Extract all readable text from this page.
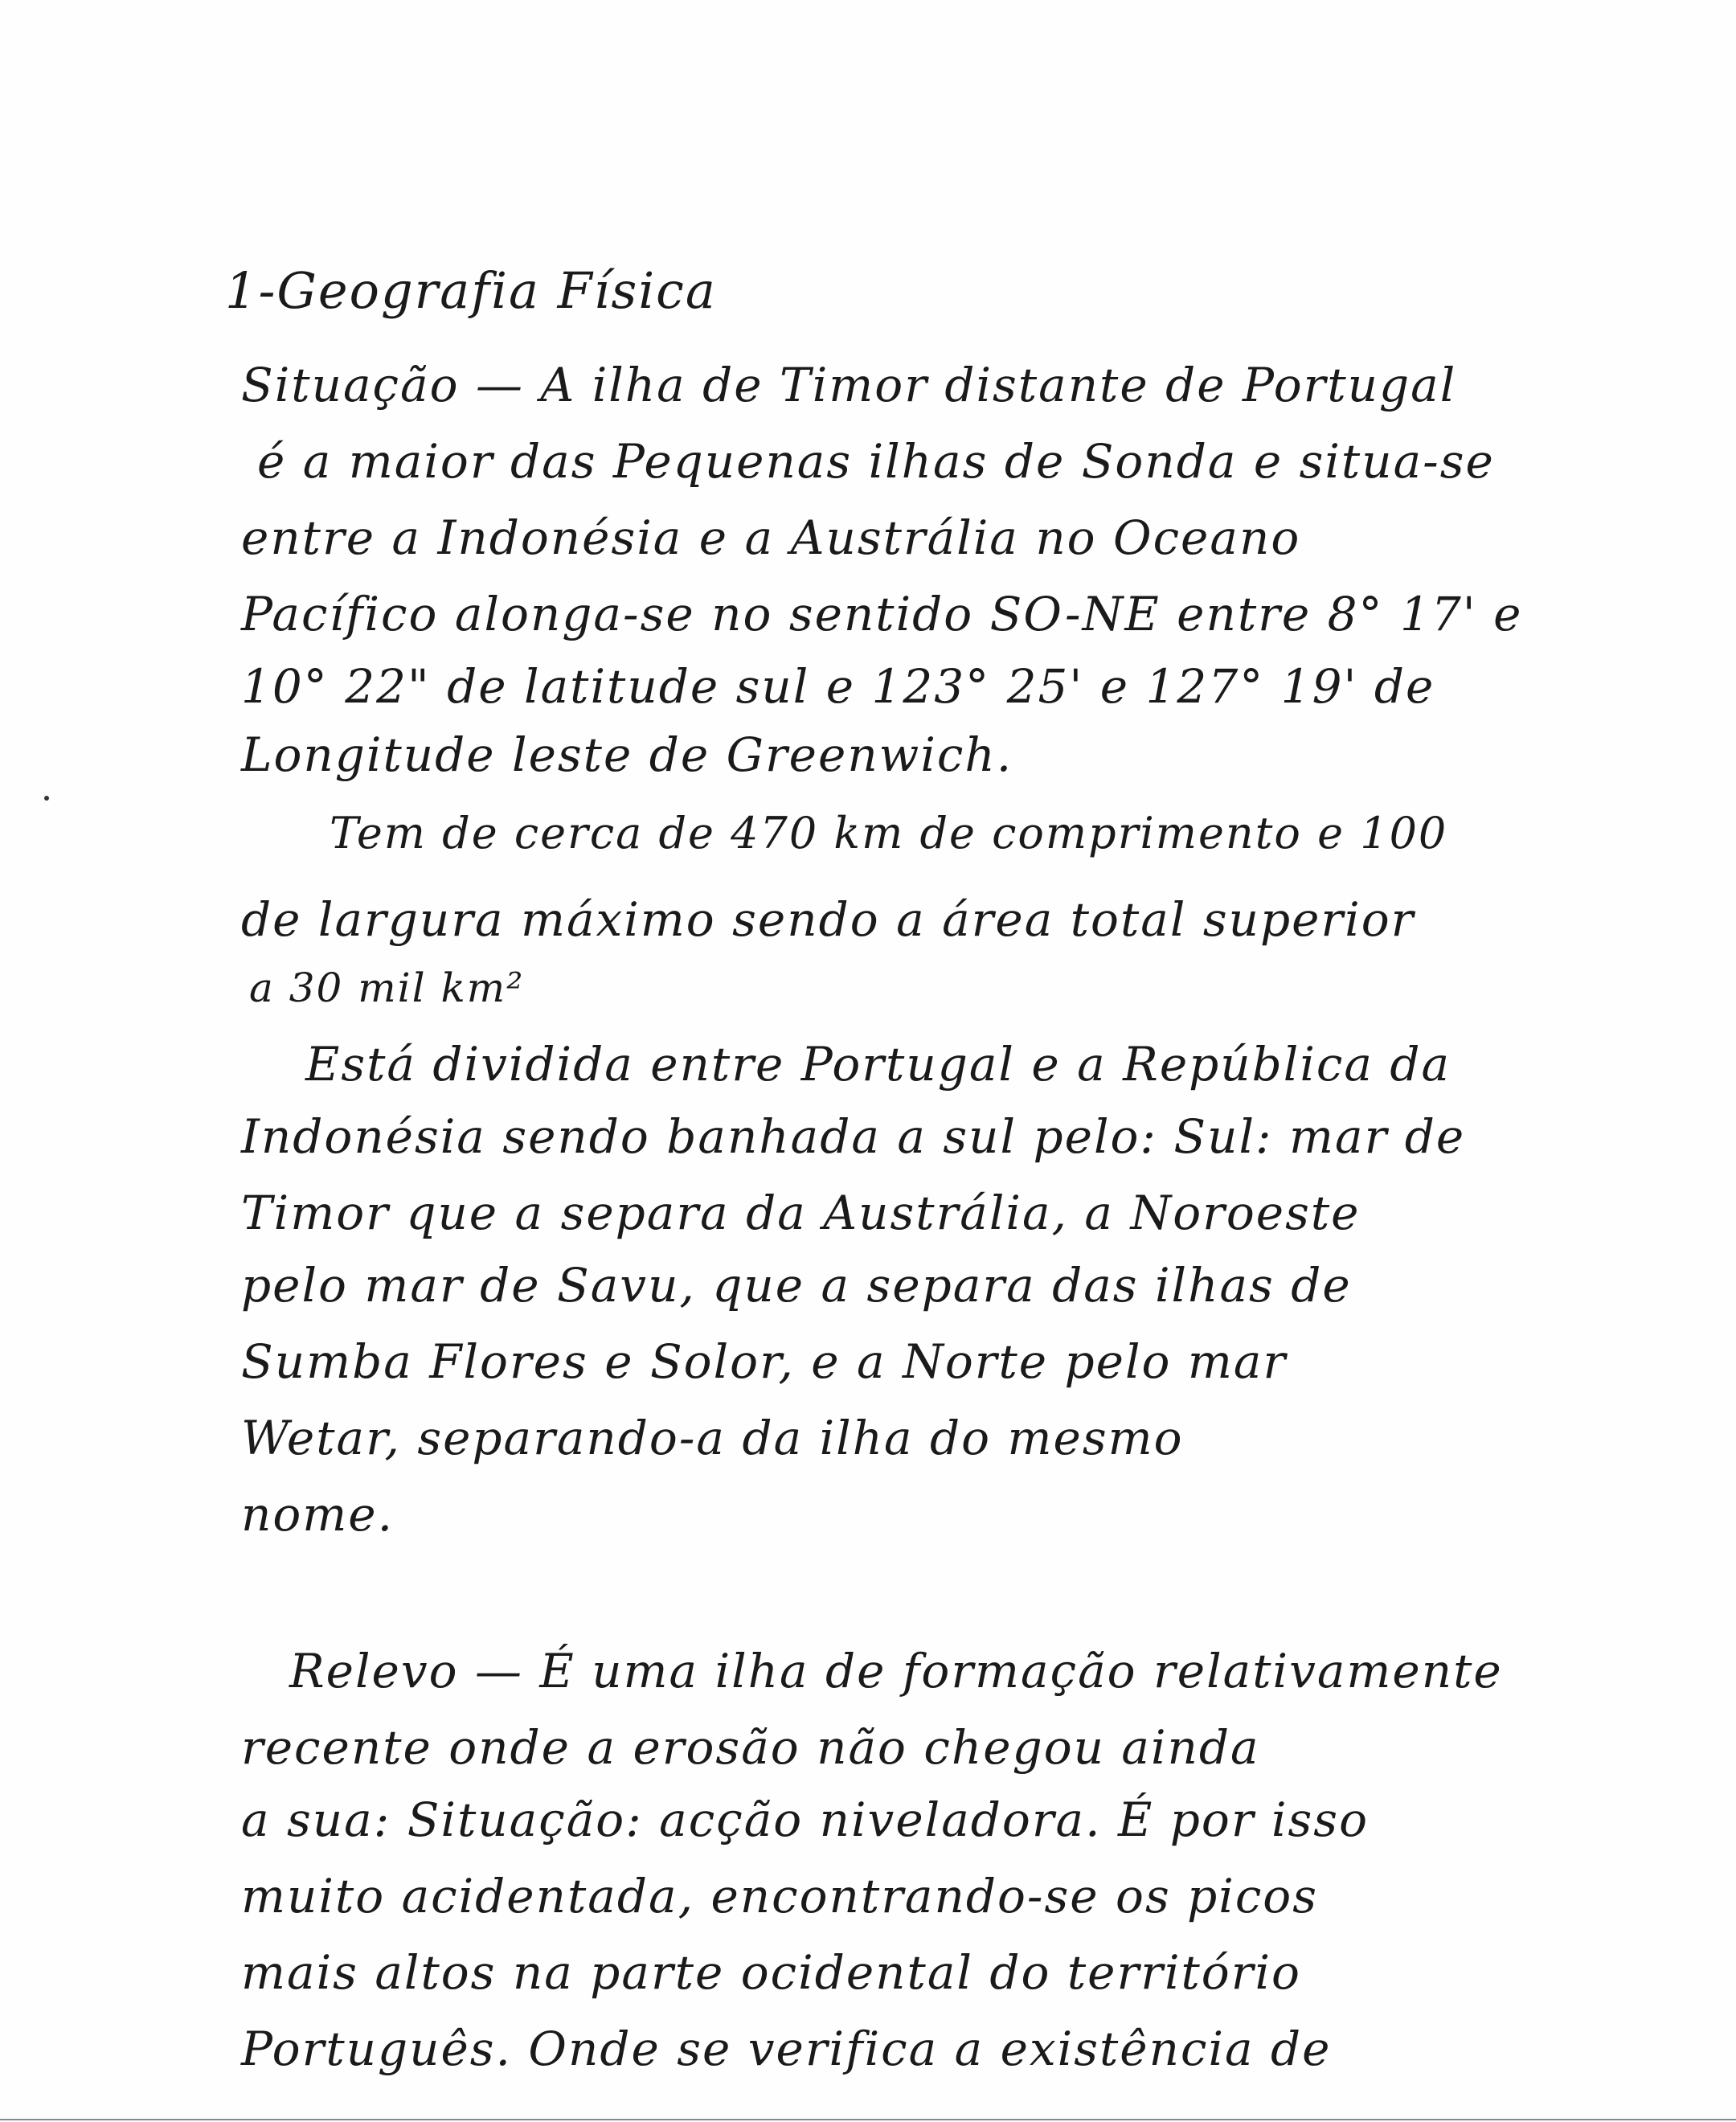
1-Geografia Física
Situação — A ilha de Timor distante de Portugal
é a maior das Pequenas ilhas de Sonda e situa-se
entre a Indonésia e a Austrália no Oceano
Pacífico alonga-se no sentido SO-NE entre 8° 17' e
10° 22" de latitude sul e 123° 25' e 127° 19' de
Longitude leste de Greenwich.
Tem de cerca de 470 km de comprimento e 100
de largura máximo sendo a área total superior
a 30 mil km²
Está dividida entre Portugal e a República da
Indonésia sendo banhada a sul pelo: Sul: mar de
Timor que a separa da Austrália, a Noroeste
pelo mar de Savu, que a separa das ilhas de
Sumba Flores e Solor, e a Norte pelo mar
Wetar, separando-a da ilha do mesmo
nome.
Relevo — É uma ilha de formação relativamente
recente onde a erosão não chegou ainda
a sua: Situação: acção niveladora. É por isso
muito acidentada, encontrando-se os picos
mais altos na parte ocidental do território
Português. Onde se verifica a existência de
